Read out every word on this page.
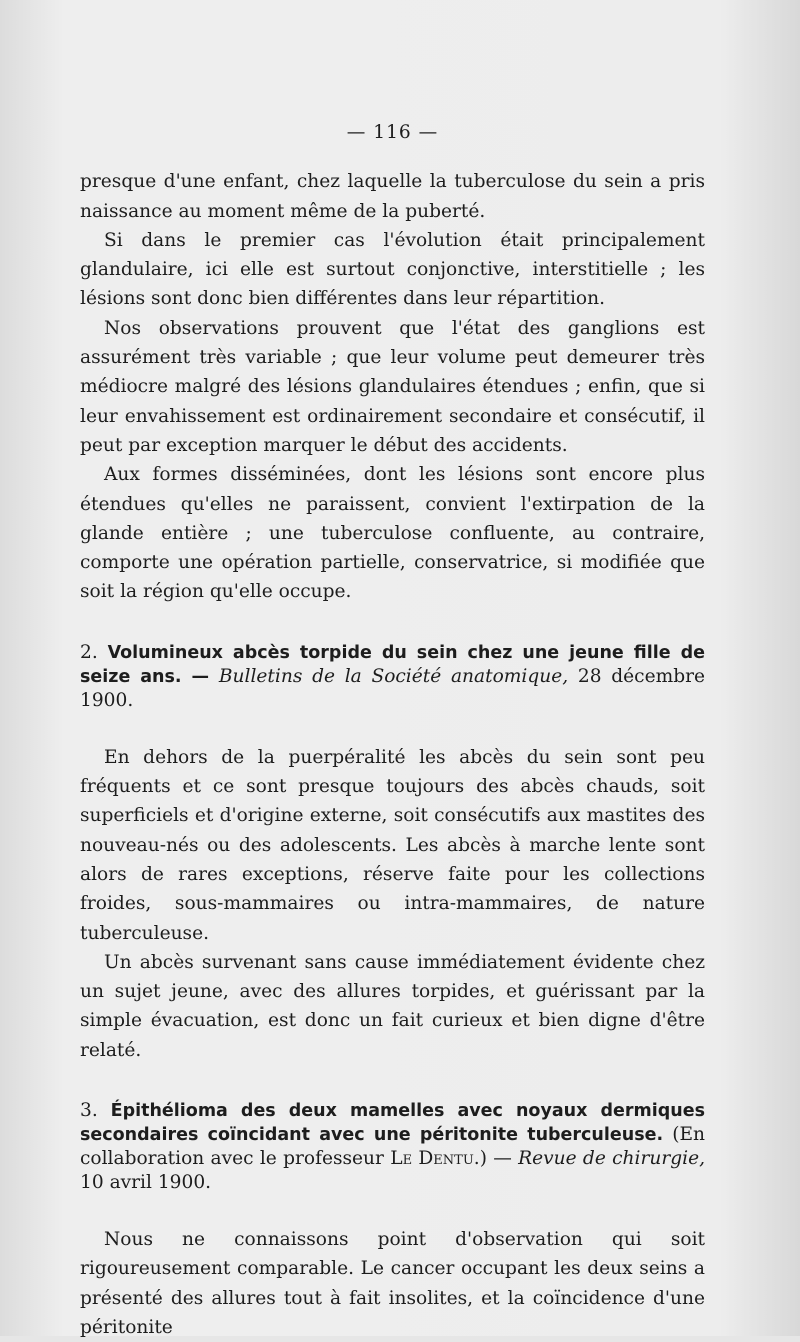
— 116 —

presque d'une enfant, chez laquelle la tuberculose du sein a pris naissance au moment même de la puberté.

Si dans le premier cas l'évolution était principalement glandulaire, ici elle est surtout conjonctive, interstitielle ; les lésions sont donc bien différentes dans leur répartition.

Nos observations prouvent que l'état des ganglions est assurément très variable ; que leur volume peut demeurer très médiocre malgré des lésions glandulaires étendues ; enfin, que si leur envahissement est ordinairement secondaire et consécutif, il peut par exception marquer le début des accidents.

Aux formes disséminées, dont les lésions sont encore plus étendues qu'elles ne paraissent, convient l'extirpation de la glande entière ; une tuberculose confluente, au contraire, comporte une opération partielle, conservatrice, si modifiée que soit la région qu'elle occupe.

2. Volumineux abcès torpide du sein chez une jeune fille de seize ans. — Bulletins de la Société anatomique, 28 décembre 1900.

En dehors de la puerpéralité les abcès du sein sont peu fréquents et ce sont presque toujours des abcès chauds, soit superficiels et d'origine externe, soit consécutifs aux mastites des nouveau-nés ou des adolescents. Les abcès à marche lente sont alors de rares exceptions, réserve faite pour les collections froides, sous-mammaires ou intra-mammaires, de nature tuberculeuse.

Un abcès survenant sans cause immédiatement évidente chez un sujet jeune, avec des allures torpides, et guérissant par la simple évacuation, est donc un fait curieux et bien digne d'être relaté.

3. Épithélioma des deux mamelles avec noyaux dermiques secondaires coïncidant avec une péritonite tuberculeuse. (En collaboration avec le professeur Le Dentu.) — Revue de chirurgie, 10 avril 1900.

Nous ne connaissons point d'observation qui soit rigoureusement comparable. Le cancer occupant les deux seins a présenté des allures tout à fait insolites, et la coïncidence d'une péritonite
